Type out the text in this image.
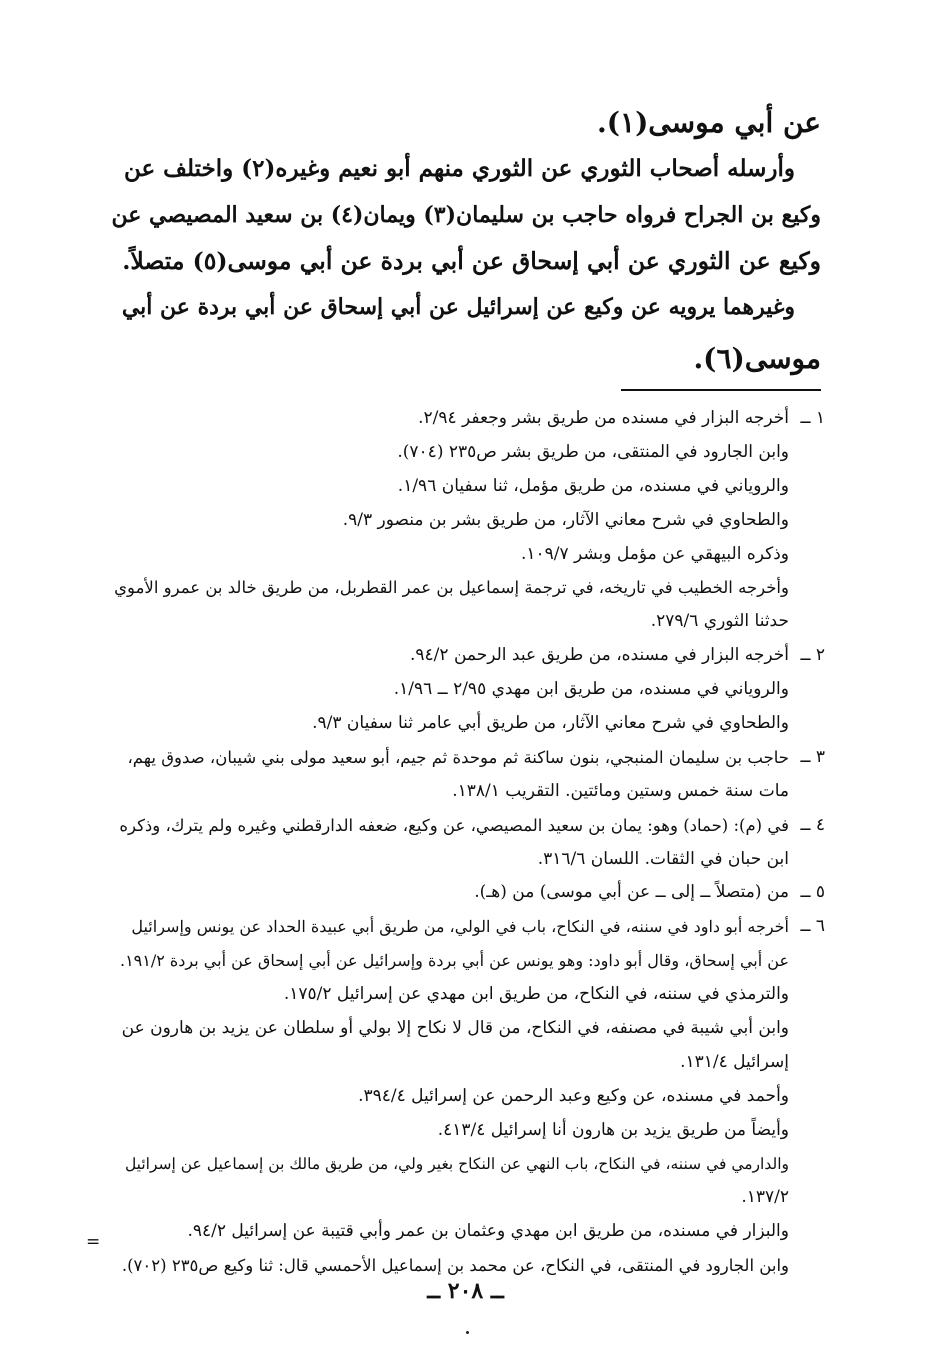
عن أبي موسى(١).
وأرسله أصحاب الثوري عن الثوري منهم أبو نعيم وغيره(٢) واختلف عن
وكيع بن الجراح فرواه حاجب بن سليمان(٣) ويمان(٤) بن سعيد المصيصي عن
وكيع عن الثوري عن أبي إسحاق عن أبي بردة عن أبي موسى(٥) متصلاً.
وغيرهما يرويه عن وكيع عن إسرائيل عن أبي إسحاق عن أبي بردة عن أبي
موسى(٦).
١ ــ
أخرجه البزار في مسنده من طريق بشر وجعفر ٢/٩٤.
وابن الجارود في المنتقى، من طريق بشر ص٢٣٥ (٧٠٤).
والروياني في مسنده، من طريق مؤمل، ثنا سفيان ١/٩٦.
والطحاوي في شرح معاني الآثار، من طريق بشر بن منصور ٩/٣.
وذكره البيهقي عن مؤمل وبشر ١٠٩/٧.
وأخرجه الخطيب في تاريخه، في ترجمة إسماعيل بن عمر القطربل، من طريق خالد بن عمرو الأموي
حدثنا الثوري ٢٧٩/٦.
٢ ــ
أخرجه البزار في مسنده، من طريق عبد الرحمن ٩٤/٢.
والروياني في مسنده، من طريق ابن مهدي ٢/٩٥ ــ ١/٩٦.
والطحاوي في شرح معاني الآثار، من طريق أبي عامر ثنا سفيان ٩/٣.
٣ ــ
حاجب بن سليمان المنبجي، بنون ساكنة ثم موحدة ثم جيم، أبو سعيد مولى بني شيبان، صدوق يهم،
مات سنة خمس وستين ومائتين. التقريب ١٣٨/١.
٤ ــ
في (م): (حماد) وهو: يمان بن سعيد المصيصي، عن وكيع، ضعفه الدارقطني وغيره ولم يترك، وذكره
ابن حبان في الثقات. اللسان ٣١٦/٦.
٥ ــ
من (متصلاً ــ إلى ــ عن أبي موسى) من (هـ).
٦ ــ
أخرجه أبو داود في سننه، في النكاح، باب في الولي، من طريق أبي عبيدة الحداد عن يونس وإسرائيل
عن أبي إسحاق، وقال أبو داود: وهو يونس عن أبي بردة وإسرائيل عن أبي إسحاق عن أبي بردة ١٩١/٢.
والترمذي في سننه، في النكاح، من طريق ابن مهدي عن إسرائيل ١٧٥/٢.
وابن أبي شيبة في مصنفه، في النكاح، من قال لا نكاح إلا بولي أو سلطان عن يزيد بن هارون عن
إسرائيل ١٣١/٤.
وأحمد في مسنده، عن وكيع وعبد الرحمن عن إسرائيل ٣٩٤/٤.
وأيضاً من طريق يزيد بن هارون أنا إسرائيل ٤١٣/٤.
والدارمي في سننه، في النكاح، باب النهي عن النكاح بغير ولي، من طريق مالك بن إسماعيل عن إسرائيل
١٣٧/٢.
والبزار في مسنده، من طريق ابن مهدي وعثمان بن عمر وأبي قتيبة عن إسرائيل ٩٤/٢.
وابن الجارود في المنتقى، في النكاح، عن محمد بن إسماعيل الأحمسي قال: ثنا وكيع ص٢٣٥ (٧٠٢).
=
ــ ٢٠٨ ــ
